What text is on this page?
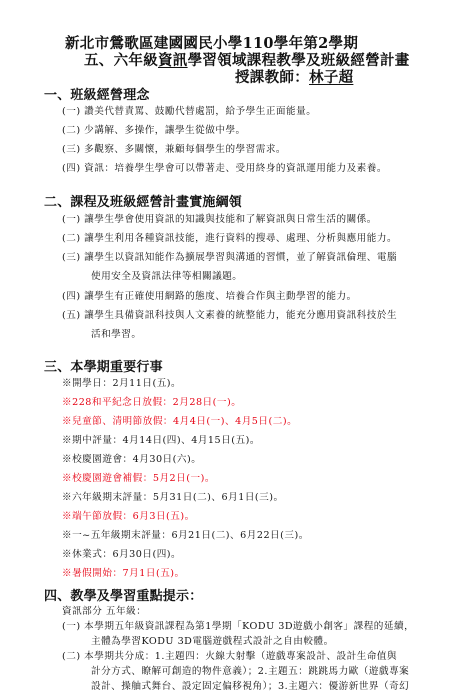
新北市鶯歌區建國國民小學110學年第2學期
五、六年級資訊學習領域課程教學及班級經營計畫
授課教師：林子超
一、班級經營理念
(一) 讚美代替責罵、鼓勵代替處罰，給予學生正面能量。
(二) 少講解、多操作，讓學生從做中學。
(三) 多觀察、多關懷，兼顧每個學生的學習需求。
(四) 資訊：培養學生學會可以帶著走、受用終身的資訊運用能力及素養。
二、課程及班級經營計畫實施綱領
(一) 讓學生學會使用資訊的知識與技能和了解資訊與日常生活的關係。
(二) 讓學生利用各種資訊技能，進行資料的搜尋、處理、分析與應用能力。
(三) 讓學生以資訊知能作為擴展學習與溝通的習慣，並了解資訊倫理、電腦
使用安全及資訊法律等相關議題。
(四) 讓學生有正確使用網路的態度、培養合作與主動學習的能力。
(五) 讓學生具備資訊科技與人文素養的統整能力，能充分應用資訊科技於生
活和學習。
三、本學期重要行事
※開學日：2月11日(五)。
※228和平紀念日放假：2月28日(一)。
※兒童節、清明節放假：4月4日(一)、4月5日(二)。
※期中評量：4月14日(四)、4月15日(五)。
※校慶園遊會：4月30日(六)。
※校慶園遊會補假：5月2日(一)。
※六年級期末評量：5月31日(二)、6月1日(三)。
※端午節放假：6月3日(五)。
※一~五年級期末評量：6月21日(二)、6月22日(三)。
※休業式：6月30日(四)。
※暑假開始：7月1日(五)。
四、教學及學習重點提示：
資訊部分 五年級：
(一) 本學期五年級資訊課程為第1學期「KODU 3D遊戲小創客」課程的延續，
主體為學習KODU 3D電腦遊戲程式設計之自由較體。
(二) 本學期共分成：1.主題四：火線大射擊（遊戲專案設計、設計生命值與
計分方式、瞭解可創造的物件意義）；2.主題五：跳跳馬力歐（遊戲專案
設計、操舳式舞台、設定固定偏移視角）；3.主題六：優游新世界（奇幻
